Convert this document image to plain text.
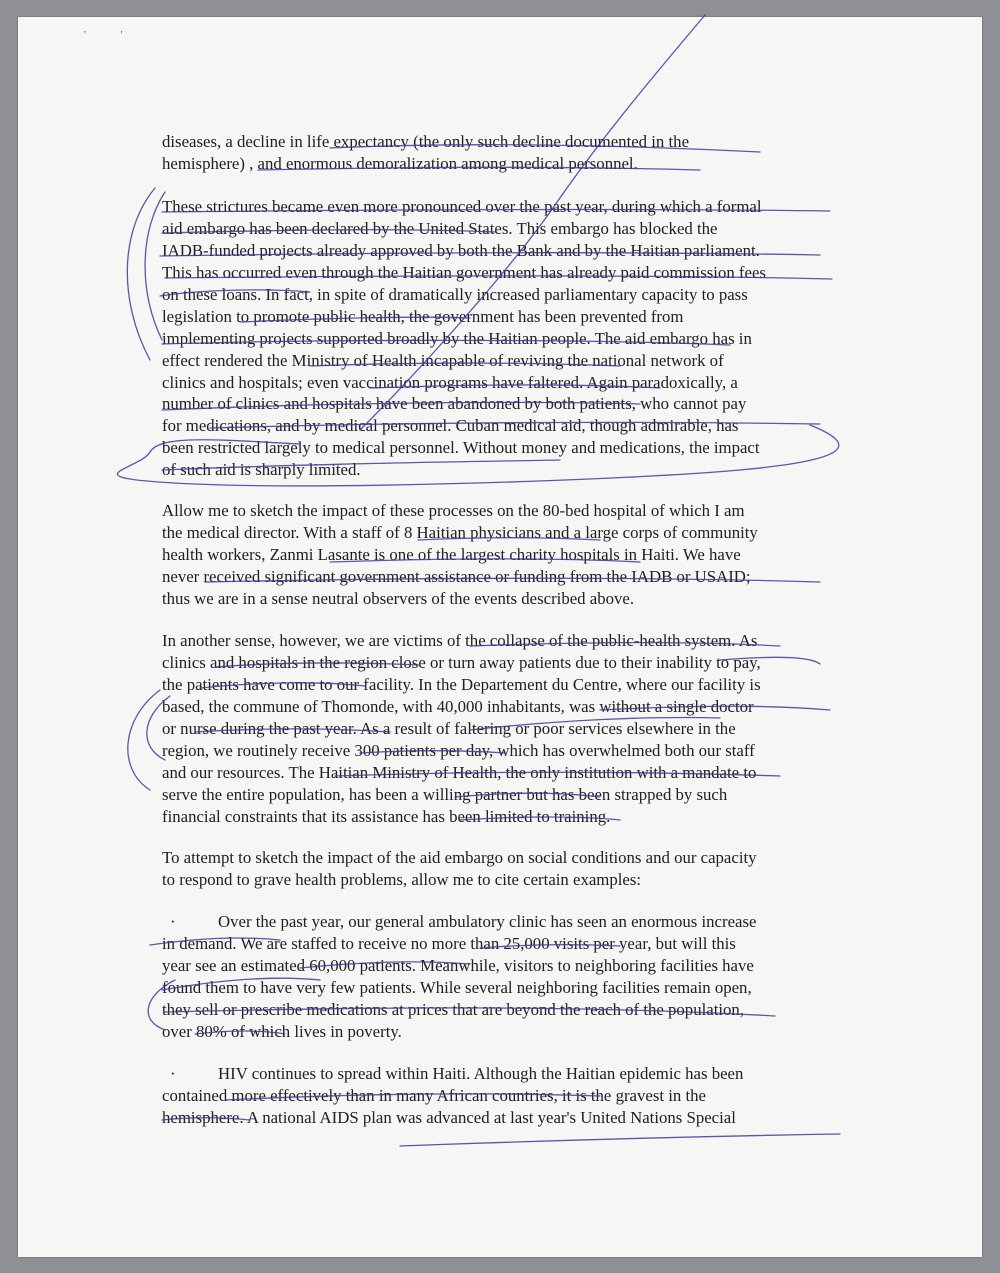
'              '

diseases, a decline in life expectancy (the only such decline documented in the

hemisphere) , and enormous demoralization among medical personnel.

These strictures became even more pronounced over the past year, during which a formal

aid embargo has been declared by the United States. This embargo has blocked the

IADB-funded projects already approved by both the Bank and by the Haitian parliament.

This has occurred even through the Haitian government has already paid commission fees

on these loans. In fact, in spite of dramatically increased parliamentary capacity to pass

legislation to promote public health, the government has been prevented from

implementing projects supported broadly by the Haitian people. The aid embargo has in

effect rendered the Ministry of Health incapable of reviving the national network of

clinics and hospitals; even vaccination programs have faltered. Again paradoxically, a

number of clinics and hospitals have been abandoned by both patients, who cannot pay

for medications, and by medical personnel. Cuban medical aid, though admirable, has

been restricted largely to medical personnel. Without money and medications, the impact

of such aid is sharply limited.

Allow me to sketch the impact of these processes on the 80-bed hospital of which I am

the medical director. With a staff of 8 Haitian physicians and a large corps of community

health workers, Zanmi Lasante is one of the largest charity hospitals in Haiti. We have

never received significant government assistance or funding from the IADB or USAID;

thus we are in a sense neutral observers of the events described above.

In another sense, however, we are victims of the collapse of the public-health system. As

clinics and hospitals in the region close or turn away patients due to their inability to pay,

the patients have come to our facility. In the Departement du Centre, where our facility is

based, the commune of Thomonde, with 40,000 inhabitants, was without a single doctor

or nurse during the past year. As a result of faltering or poor services elsewhere in the

region, we routinely receive 300 patients per day, which has overwhelmed both our staff

and our resources. The Haitian Ministry of Health, the only institution with a mandate to

serve the entire population, has been a willing partner but has been strapped by such

financial constraints that its assistance has been limited to training.

To attempt to sketch the impact of the aid embargo on social conditions and our capacity

to respond to grave health problems, allow me to cite certain examples:

·	Over the past year, our general ambulatory clinic has seen an enormous increase

in demand. We are staffed to receive no more than 25,000 visits per year, but will this

year see an estimated 60,000 patients. Meanwhile, visitors to neighboring facilities have

found them to have very few patients. While several neighboring facilities remain open,

they sell or prescribe medications at prices that are beyond the reach of the population,

over 80% of which lives in poverty.

·	HIV continues to spread within Haiti. Although the Haitian epidemic has been

contained more effectively than in many African countries, it is the gravest in the

hemisphere. A national AIDS plan was advanced at last year's United Nations Special
